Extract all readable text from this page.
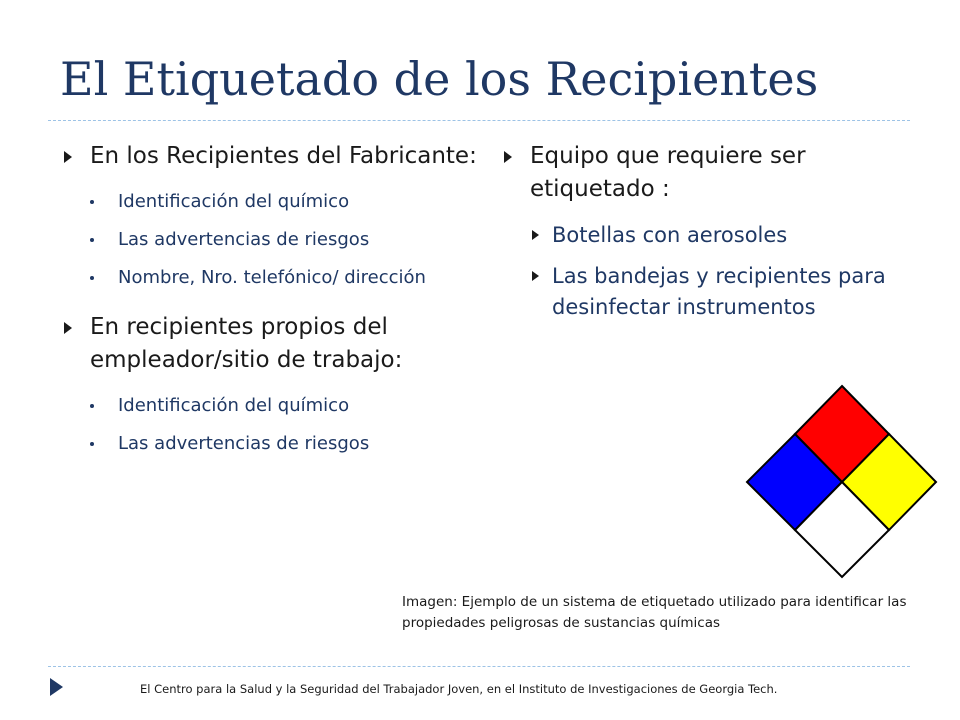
El Etiquetado de los Recipientes
En los Recipientes del Fabricante:
Identificación del químico
Las advertencias de riesgos
Nombre, Nro. telefónico/ dirección
En recipientes propios del empleador/sitio de trabajo:
Identificación del químico
Las advertencias de riesgos
Equipo que requiere ser etiquetado :
Botellas con aerosoles
Las bandejas y recipientes para desinfectar instrumentos
Imagen: Ejemplo de un sistema de etiquetado utilizado para identificar las propiedades peligrosas de sustancias químicas
El Centro para la Salud y la Seguridad del Trabajador Joven, en el Instituto de Investigaciones de Georgia Tech.
